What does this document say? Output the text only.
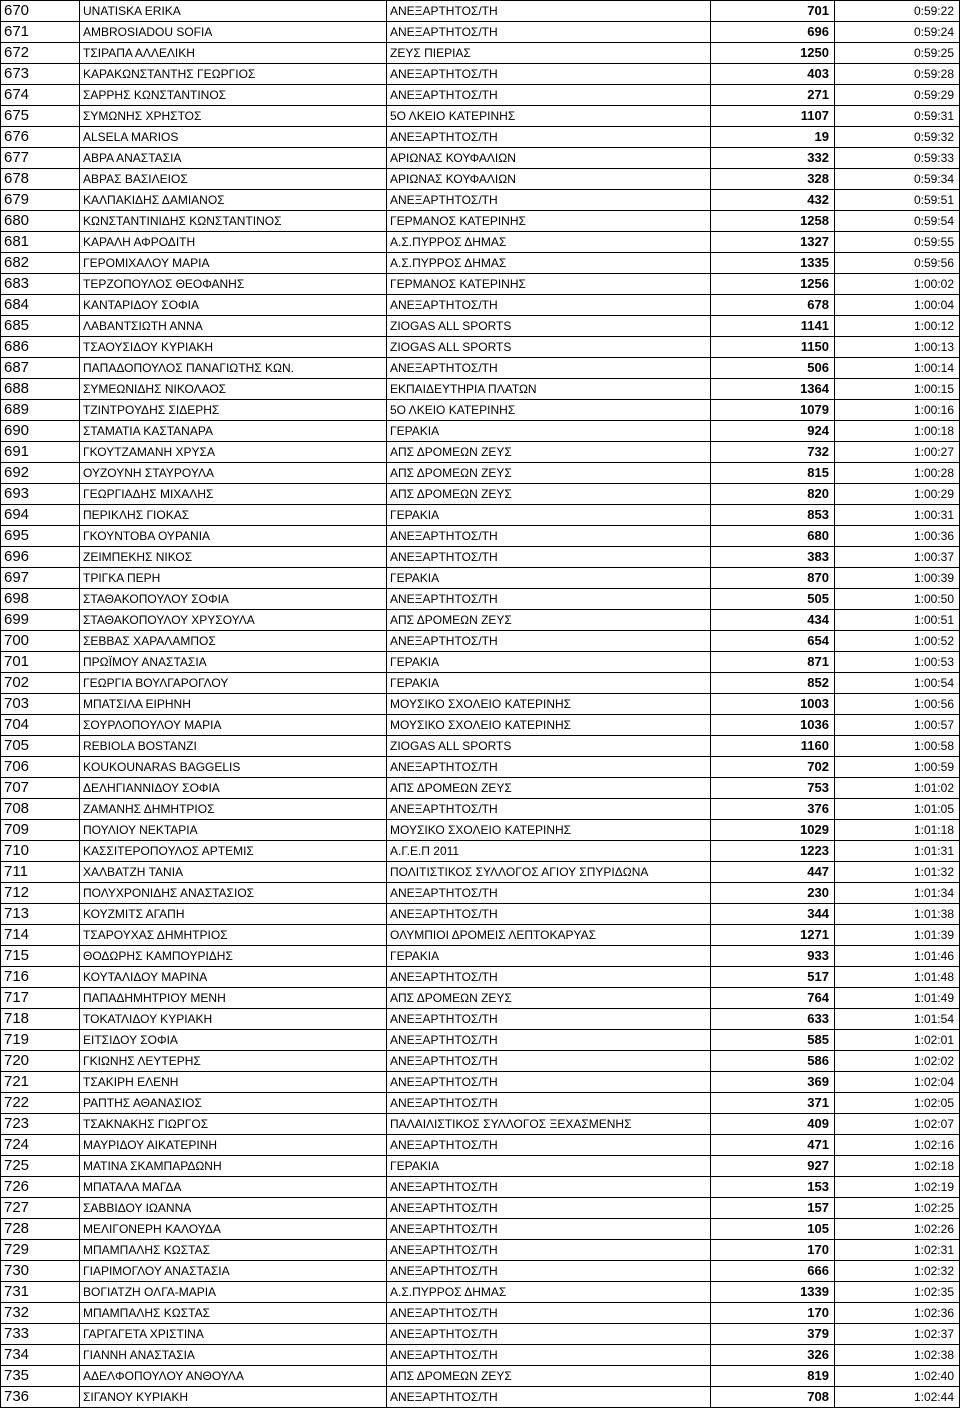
670	UNATISKA ERIKA	ΑΝΕΞΑΡΤΗΤΟΣ/ΤΗ	701	0:59:22
671	AMBROSIADOU SOFIA	ΑΝΕΞΑΡΤΗΤΟΣ/ΤΗ	696	0:59:24
672	ΤΣΙΡΑΠΑ ΑΛΛΕΛΙΚΗ	ΖΕΥΣ ΠΙΕΡΙΑΣ	1250	0:59:25
673	ΚΑΡΑΚΩΝΣΤΑΝΤΗΣ ΓΕΩΡΓΙΟΣ	ΑΝΕΞΑΡΤΗΤΟΣ/ΤΗ	403	0:59:28
674	ΣΑΡΡΗΣ ΚΩΝΣΤΑΝΤΙΝΟΣ	ΑΝΕΞΑΡΤΗΤΟΣ/ΤΗ	271	0:59:29
675	ΣΥΜΩΝΗΣ ΧΡΗΣΤΟΣ	5Ο ΛΚΕΙΟ ΚΑΤΕΡΙΝΗΣ	1107	0:59:31
676	ALSELA MARIOS	ΑΝΕΞΑΡΤΗΤΟΣ/ΤΗ	19	0:59:32
677	ΑΒΡΑ ΑΝΑΣΤΑΣΙΑ	ΑΡΙΩΝΑΣ ΚΟΥΦΑΛΙΩΝ	332	0:59:33
678	ΑΒΡΑΣ ΒΑΣΙΛΕΙΟΣ	ΑΡΙΩΝΑΣ ΚΟΥΦΑΛΙΩΝ	328	0:59:34
679	ΚΑΛΠΑΚΙΔΗΣ ΔΑΜΙΑΝΟΣ	ΑΝΕΞΑΡΤΗΤΟΣ/ΤΗ	432	0:59:51
680	ΚΩΝΣΤΑΝΤΙΝΙΔΗΣ ΚΩΝΣΤΑΝΤΙΝΟΣ	ΓΕΡΜΑΝΟΣ ΚΑΤΕΡΙΝΗΣ	1258	0:59:54
681	ΚΑΡΑΛΗ ΑΦΡΟΔΙΤΗ	Α.Σ.ΠΥΡΡΟΣ ΔΗΜΑΣ	1327	0:59:55
682	ΓΕΡΟΜΙΧΑΛΟΥ ΜΑΡΙΑ	Α.Σ.ΠΥΡΡΟΣ ΔΗΜΑΣ	1335	0:59:56
683	ΤΕΡΖΟΠΟΥΛΟΣ ΘΕΟΦΑΝΗΣ	ΓΕΡΜΑΝΟΣ ΚΑΤΕΡΙΝΗΣ	1256	1:00:02
684	ΚΑΝΤΑΡΙΔΟΥ ΣΟΦΙΑ	ΑΝΕΞΑΡΤΗΤΟΣ/ΤΗ	678	1:00:04
685	ΛΑΒΑΝΤΣΙΩΤΗ ΑΝΝΑ	ZIOGAS ALL SPORTS	1141	1:00:12
686	ΤΣΑΟΥΣΙΔΟΥ ΚΥΡΙΑΚΗ	ZIOGAS ALL SPORTS	1150	1:00:13
687	ΠΑΠΑΔΟΠΟΥΛΟΣ ΠΑΝΑΓΙΩΤΗΣ ΚΩΝ.	ΑΝΕΞΑΡΤΗΤΟΣ/ΤΗ	506	1:00:14
688	ΣΥΜΕΩΝΙΔΗΣ ΝΙΚΟΛΑΟΣ	ΕΚΠΑΙΔΕΥΤΗΡΙΑ ΠΛΑΤΩΝ	1364	1:00:15
689	ΤΖΙΝΤΡΟΥΔΗΣ ΣΙΔΕΡΗΣ	5Ο ΛΚΕΙΟ ΚΑΤΕΡΙΝΗΣ	1079	1:00:16
690	ΣΤΑΜΑΤΙΑ ΚΑΣΤΑΝΑΡΑ	ΓΕΡΑΚΙΑ	924	1:00:18
691	ΓΚΟΥΤΖΑΜΑΝΗ ΧΡΥΣΑ	ΑΠΣ ΔΡΟΜΕΩΝ ΖΕΥΣ	732	1:00:27
692	ΟΥΖΟΥΝΗ ΣΤΑΥΡΟΥΛΑ	ΑΠΣ ΔΡΟΜΕΩΝ ΖΕΥΣ	815	1:00:28
693	ΓΕΩΡΓΙΑΔΗΣ ΜΙΧΑΛΗΣ	ΑΠΣ ΔΡΟΜΕΩΝ ΖΕΥΣ	820	1:00:29
694	ΠΕΡΙΚΛΗΣ ΓΙΟΚΑΣ	ΓΕΡΑΚΙΑ	853	1:00:31
695	ΓΚΟΥΝΤΟΒΑ ΟΥΡΑΝΙΑ	ΑΝΕΞΑΡΤΗΤΟΣ/ΤΗ	680	1:00:36
696	ΖΕΙΜΠΕΚΗΣ ΝΙΚΟΣ	ΑΝΕΞΑΡΤΗΤΟΣ/ΤΗ	383	1:00:37
697	ΤΡΙΓΚΑ ΠΕΡΗ	ΓΕΡΑΚΙΑ	870	1:00:39
698	ΣΤΑΘΑΚΟΠΟΥΛΟΥ ΣΟΦΙΑ	ΑΝΕΞΑΡΤΗΤΟΣ/ΤΗ	505	1:00:50
699	ΣΤΑΘΑΚΟΠΟΥΛΟΥ ΧΡΥΣΟΥΛΑ	ΑΠΣ ΔΡΟΜΕΩΝ ΖΕΥΣ	434	1:00:51
700	ΣΕΒΒΑΣ ΧΑΡΑΛΑΜΠΟΣ	ΑΝΕΞΑΡΤΗΤΟΣ/ΤΗ	654	1:00:52
701	ΠΡΩΪΜΟΥ ΑΝΑΣΤΑΣΙΑ	ΓΕΡΑΚΙΑ	871	1:00:53
702	ΓΕΩΡΓΙΑ ΒΟΥΛΓΑΡΟΓΛΟΥ	ΓΕΡΑΚΙΑ	852	1:00:54
703	ΜΠΑΤΣΙΛΑ ΕΙΡΗΝΗ	ΜΟΥΣΙΚΟ ΣΧΟΛΕΙΟ ΚΑΤΕΡΙΝΗΣ	1003	1:00:56
704	ΣΟΥΡΛΟΠΟΥΛΟΥ ΜΑΡΙΑ	ΜΟΥΣΙΚΟ ΣΧΟΛΕΙΟ ΚΑΤΕΡΙΝΗΣ	1036	1:00:57
705	REBIOLA BOSTANZI	ZIOGAS ALL SPORTS	1160	1:00:58
706	KOUKOUNARAS BAGGELIS	ΑΝΕΞΑΡΤΗΤΟΣ/ΤΗ	702	1:00:59
707	ΔΕΛΗΓΙΑΝΝΙΔΟΥ ΣΟΦΙΑ	ΑΠΣ ΔΡΟΜΕΩΝ ΖΕΥΣ	753	1:01:02
708	ΖΑΜΑΝΗΣ ΔΗΜΗΤΡΙΟΣ	ΑΝΕΞΑΡΤΗΤΟΣ/ΤΗ	376	1:01:05
709	ΠΟΥΛΙΟΥ ΝΕΚΤΑΡΙΑ	ΜΟΥΣΙΚΟ ΣΧΟΛΕΙΟ ΚΑΤΕΡΙΝΗΣ	1029	1:01:18
710	ΚΑΣΣΙΤΕΡΟΠΟΥΛΟΣ ΑΡΤΕΜΙΣ	Α.Γ.Ε.Π 2011	1223	1:01:31
711	ΧΑΛΒΑΤΖΗ ΤΑΝΙΑ	ΠΟΛΙΤΙΣΤΙΚΟΣ ΣΥΛΛΟΓΟΣ ΑΓΙΟΥ ΣΠΥΡΙΔΩΝΑ	447	1:01:32
712	ΠΟΛΥΧΡΟΝΙΔΗΣ ΑΝΑΣΤΑΣΙΟΣ	ΑΝΕΞΑΡΤΗΤΟΣ/ΤΗ	230	1:01:34
713	ΚΟΥΖΜΙΤΣ ΑΓΑΠΗ	ΑΝΕΞΑΡΤΗΤΟΣ/ΤΗ	344	1:01:38
714	ΤΣΑΡΟΥΧΑΣ ΔΗΜΗΤΡΙΟΣ	ΟΛΥΜΠΙΟΙ ΔΡΟΜΕΙΣ ΛΕΠΤΟΚΑΡΥΑΣ	1271	1:01:39
715	ΘΟΔΩΡΗΣ ΚΑΜΠΟΥΡΙΔΗΣ	ΓΕΡΑΚΙΑ	933	1:01:46
716	ΚΟΥΤΑΛΙΔΟΥ ΜΑΡΙΝΑ	ΑΝΕΞΑΡΤΗΤΟΣ/ΤΗ	517	1:01:48
717	ΠΑΠΑΔΗΜΗΤΡΙΟΥ ΜΕΝΗ	ΑΠΣ ΔΡΟΜΕΩΝ ΖΕΥΣ	764	1:01:49
718	ΤΟΚΑΤΛΙΔΟΥ ΚΥΡΙΑΚΗ	ΑΝΕΞΑΡΤΗΤΟΣ/ΤΗ	633	1:01:54
719	ΕΙΤΣΙΔΟΥ ΣΟΦΙΑ	ΑΝΕΞΑΡΤΗΤΟΣ/ΤΗ	585	1:02:01
720	ΓΚΙΩΝΗΣ ΛΕΥΤΕΡΗΣ	ΑΝΕΞΑΡΤΗΤΟΣ/ΤΗ	586	1:02:02
721	ΤΣΑΚΙΡΗ ΕΛΕΝΗ	ΑΝΕΞΑΡΤΗΤΟΣ/ΤΗ	369	1:02:04
722	ΡΑΠΤΗΣ ΑΘΑΝΑΣΙΟΣ	ΑΝΕΞΑΡΤΗΤΟΣ/ΤΗ	371	1:02:05
723	ΤΣΑΚΝΑΚΗΣ ΓΙΩΡΓΟΣ	ΠΑΛΑΙΛΙΣΤΙΚΟΣ ΣΥΛΛΟΓΟΣ ΞΕΧΑΣΜΕΝΗΣ	409	1:02:07
724	ΜΑΥΡΙΔΟΥ ΑΙΚΑΤΕΡΙΝΗ	ΑΝΕΞΑΡΤΗΤΟΣ/ΤΗ	471	1:02:16
725	ΜΑΤΙΝΑ ΣΚΑΜΠΑΡΔΩΝΗ	ΓΕΡΑΚΙΑ	927	1:02:18
726	ΜΠΑΤΑΛΑ ΜΑΓΔΑ	ΑΝΕΞΑΡΤΗΤΟΣ/ΤΗ	153	1:02:19
727	ΣΑΒΒΙΔΟΥ ΙΩΑΝΝΑ	ΑΝΕΞΑΡΤΗΤΟΣ/ΤΗ	157	1:02:25
728	ΜΕΛΙΓΟΝΕΡΗ ΚΑΛΟΥΔΑ	ΑΝΕΞΑΡΤΗΤΟΣ/ΤΗ	105	1:02:26
729	ΜΠΑΜΠΑΛΗΣ ΚΩΣΤΑΣ	ΑΝΕΞΑΡΤΗΤΟΣ/ΤΗ	170	1:02:31
730	ΓΙΑΡΙΜΟΓΛΟΥ ΑΝΑΣΤΑΣΙΑ	ΑΝΕΞΑΡΤΗΤΟΣ/ΤΗ	666	1:02:32
731	ΒΟΓΙΑΤΖΗ ΟΛΓΑ-ΜΑΡΙΑ	Α.Σ.ΠΥΡΡΟΣ ΔΗΜΑΣ	1339	1:02:35
732	ΜΠΑΜΠΑΛΗΣ ΚΩΣΤΑΣ	ΑΝΕΞΑΡΤΗΤΟΣ/ΤΗ	170	1:02:36
733	ΓΑΡΓΑΓΕΤΑ ΧΡΙΣΤΙΝΑ	ΑΝΕΞΑΡΤΗΤΟΣ/ΤΗ	379	1:02:37
734	ΓΙΑΝΝΗ ΑΝΑΣΤΑΣΙΑ	ΑΝΕΞΑΡΤΗΤΟΣ/ΤΗ	326	1:02:38
735	ΑΔΕΛΦΟΠΟΥΛΟΥ ΑΝΘΟΥΛΑ	ΑΠΣ ΔΡΟΜΕΩΝ ΖΕΥΣ	819	1:02:40
736	ΣΙΓΑΝΟΥ ΚΥΡΙΑΚΗ	ΑΝΕΞΑΡΤΗΤΟΣ/ΤΗ	708	1:02:44
